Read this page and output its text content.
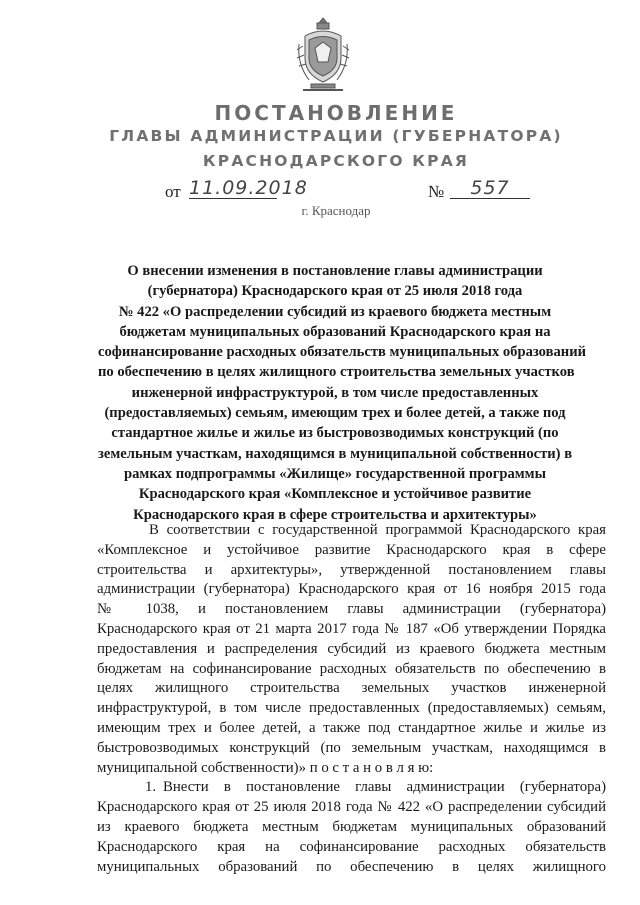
ПОСТАНОВЛЕНИЕ
ГЛАВЫ АДМИНИСТРАЦИИ (ГУБЕРНАТОРА)
КРАСНОДАРСКОГО КРАЯ
от 11.09.2018	№	557
г. Краснодар
О внесении изменения в постановление главы администрации
(губернатора) Краснодарского края от 25 июля 2018 года
№ 422 «О распределении субсидий из краевого бюджета местным
бюджетам муниципальных образований Краснодарского края на
софинансирование расходных обязательств муниципальных образований
по обеспечению в целях жилищного строительства земельных участков
инженерной инфраструктурой, в том числе предоставленных
(предоставляемых) семьям, имеющим трех и более детей, а также под
стандартное жилье и жилье из быстровозводимых конструкций (по
земельным участкам, находящимся в муниципальной собственности) в
рамках подпрограммы «Жилище» государственной программы
Краснодарского края «Комплексное и устойчивое развитие
Краснодарского края в сфере строительства и архитектуры»
В соответствии с государственной программой Краснодарского края
«Комплексное и устойчивое развитие Краснодарского края в сфере
строительства и архитектуры», утвержденной постановлением главы
администрации (губернатора) Краснодарского края от 16 ноября 2015 года
№ 1038, и постановлением главы администрации (губернатора)
Краснодарского края от 21 марта 2017 года № 187 «Об утверждении Порядка
предоставления и распределения субсидий из краевого бюджета местным
бюджетам на софинансирование расходных обязательств по обеспечению в
целях жилищного строительства земельных участков инженерной
инфраструктурой, в том числе предоставленных (предоставляемых) семьям,
имеющим трех и более детей, а также под стандартное жилье и жилье из
быстровозводимых конструкций (по земельным участкам, находящимся в
муниципальной собственности)» п о с т а н о в л я ю:
1. Внести в постановление главы администрации (губернатора)
Краснодарского края от 25 июля 2018 года № 422 «О распределении субсидий
из краевого бюджета местным бюджетам муниципальных образований
Краснодарского края на софинансирование расходных обязательств
муниципальных образований по обеспечению в целях жилищного
